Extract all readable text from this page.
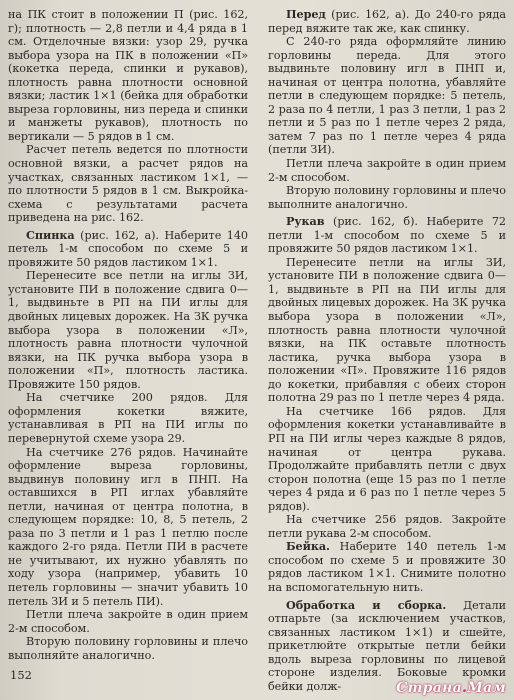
на ПК стоит в положении П (рис. 162, г); плотность — 2,8 петли и 4,4 ряда в 1 см. Отделочные вязки: узор 29, ручка выбора узора на ПК в положении «П» (кокетка переда, спинки и рукавов), плотность равна плотности основной вязки; ластик 1×1 (бейка для обработки выреза горловины, низ переда и спинки и манжеты рукавов), плотность по вертикали — 5 рядов в 1 см.

Расчет петель ведется по плотности основной вязки, а расчет рядов на участках, связанных ластиком 1×1, — по плотности 5 рядов в 1 см. Выкройка-схема с результатами расчета приведена на рис. 162.

Спинка (рис. 162, а). Наберите 140 петель 1-м способом по схеме 5 и провяжите 50 рядов ластиком 1×1.

Перенесите все петли на иглы ЗИ, установите ПИ в положение сдвига 0—1, выдвиньте в РП на ПИ иглы для двойных лицевых дорожек. На ЗК ручка выбора узора в положении «Л», плотность равна плотности чулочной вязки, на ПК ручка выбора узора в положении «П», плотность ластика. Провяжите 150 рядов.

На счетчике 200 рядов. Для оформления кокетки вяжите, устанавливая в РП на ПИ иглы по перевернутой схеме узора 29.

На счетчике 276 рядов. Начинайте оформление выреза горловины, выдвинув половину игл в ПНП. На оставшихся в РП иглах убавляйте петли, начиная от центра полотна, в следующем порядке: 10, 8, 5 петель, 2 раза по 3 петли и 1 раз 1 петлю после каждого 2-го ряда. Петли ПИ в расчете не учитывают, их нужно убавлять по ходу узора (например, убавить 10 петель горловины — значит убавить 10 петель ЗИ и 5 петель ПИ).

Петли плеча закройте в один прием 2-м способом.

Вторую половину горловины и плечо выполняйте аналогично.

Перед (рис. 162, а). До 240-го ряда перед вяжите так же, как спинку.

С 240-го ряда оформляйте линию горловины переда. Для этого выдвиньте половину игл в ПНП и, начиная от центра полотна, убавляйте петли в следующем порядке: 5 петель, 2 раза по 4 петли, 1 раз 3 петли, 1 раз 2 петли и 5 раз по 1 петле через 2 ряда, затем 7 раз по 1 петле через 4 ряда (петли ЗИ).

Петли плеча закройте в один прием 2-м способом.

Вторую половину горловины и плечо выполните аналогично.

Рукав (рис. 162, б). Наберите 72 петли 1-м способом по схеме 5 и провяжите 50 рядов ластиком 1×1.

Перенесите петли на иглы ЗИ, установите ПИ в положение сдвига 0—1, выдвиньте в РП на ПИ иглы для двойных лицевых дорожек. На ЗК ручка выбора узора в положении «Л», плотность равна плотности чулочной вязки, на ПК оставьте плотность ластика, ручка выбора узора в положении «П». Провяжите 116 рядов до кокетки, прибавляя с обеих сторон полотна 29 раз по 1 петле через 4 ряда.

На счетчике 166 рядов. Для оформления кокетки устанавливайте в РП на ПИ иглы через каждые 8 рядов, начиная от центра рукава. Продолжайте прибавлять петли с двух сторон полотна (еще 15 раз по 1 петле через 4 ряда и 6 раз по 1 петле через 5 рядов).

На счетчике 256 рядов. Закройте петли рукава 2-м способом.

Бейка. Наберите 140 петель 1-м способом по схеме 5 и провяжите 30 рядов ластиком 1×1. Снимите полотно на вспомогательную нить.

Обработка и сборка. Детали отпарьте (за исключением участков, связанных ластиком 1×1) и сшейте, прикетлюйте открытые петли бейки вдоль выреза горловины по лицевой стороне изделия. Боковые кромки бейки долж-

152
Страна.Мам
